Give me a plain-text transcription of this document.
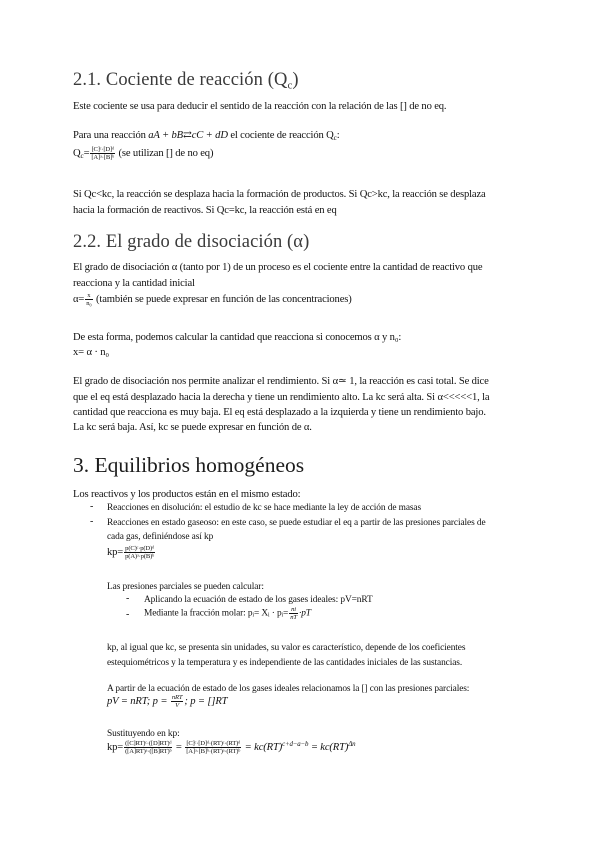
2.1. Cociente de reacción $(Q_c)$
Este cociente se usa para deducir el sentido de la reacción con la relación de las [] de no eq.
Para una reacción aA + bB⇄cC + dD el cociente de reacción $Q_c$:
$Q_c= \frac{\text{[C]ᶜ·[D]ᵈ}}{\text{[A]ᵃ·[B]ᵇ}} (se$ utilizan [] de no eq)
Si Qc<kc, la reacción se desplaza hacia la formación de productos. Si Qc>kc, la reacción se desplaza
hacia la formación de reactivos. Si Qc=kc, la reacción está en eq
2.2. El grado de disociación (α)
El grado de disociación α (tanto por 1) de un proceso es el cociente entre la cantidad de reactivo que
reacciona y la cantidad inicial
$\alpha= \frac{x}{\text{n₀}}$ (también se puede expresar en función de las concentraciones)
De esta forma, podemos calcular la cantidad que reacciona si conocemos α y n₀:
x= α · n₀
El grado de disociación nos permite analizar el rendimiento. Si α≃ 1, la reacción es casi total. Se dice
que el eq está desplazado hacia la derecha y tiene un rendimiento alto. La kc será alta. Si α<<<<<1, la
cantidad que reacciona es muy baja. El eq está desplazado a la izquierda y tiene un rendimiento bajo.
La kc será baja. Así, kc se puede expresar en función de α.
3. Equilibrios homogéneos
Los reactivos y los productos están en el mismo estado:
- Reacciones en disolución: el estudio de kc se hace mediante la ley de acción de masas
- Reacciones en estado gaseoso: en este caso, se puede estudiar el eq a partir de las presiones parciales de
cada gas, definiéndose así kp
$kp= \frac{\text{p(C)ᶜ·p(D)ᵈ}}{\text{p(A)ᵃ·p(B)ᵇ}}$
Las presiones parciales se pueden calcular:
- Aplicando la ecuación de estado de los gases ideales: pV=nRT
- Mediante la fracción molar: pᵢ= Xᵢ · pᵢ= $\frac{ni}{nT} \cdot pT$
kp, al igual que kc, se presenta sin unidades, su valor es característico, depende de los coeficientes
estequiométricos y la temperatura y es independiente de las cantidades iniciales de las sustancias.
A partir de la ecuación de estado de los gases ideales relacionamos la [] con las presiones parciales:
pV = nRT; $p = \frac{\text{nRT}}{V}$ ; p = []RT
Sustituyendo en kp:
$kp= \frac{\text{([C]RT)ᶜ·([D]RT)ᵈ}}{\text{([A]RT)ᵃ·([B]RT)ᵇ}} = \frac{\text{[C]ᶜ·[D]ᵈ·(RT)ᶜ·(RT)ᵈ}}{\text{[A]ᵃ·[B]ᵇ·(RT)ᵃ·(RT)ᵇ}} = kc(RT)^{c+d-a-b} = kc(RT)^{\Delta n}$
